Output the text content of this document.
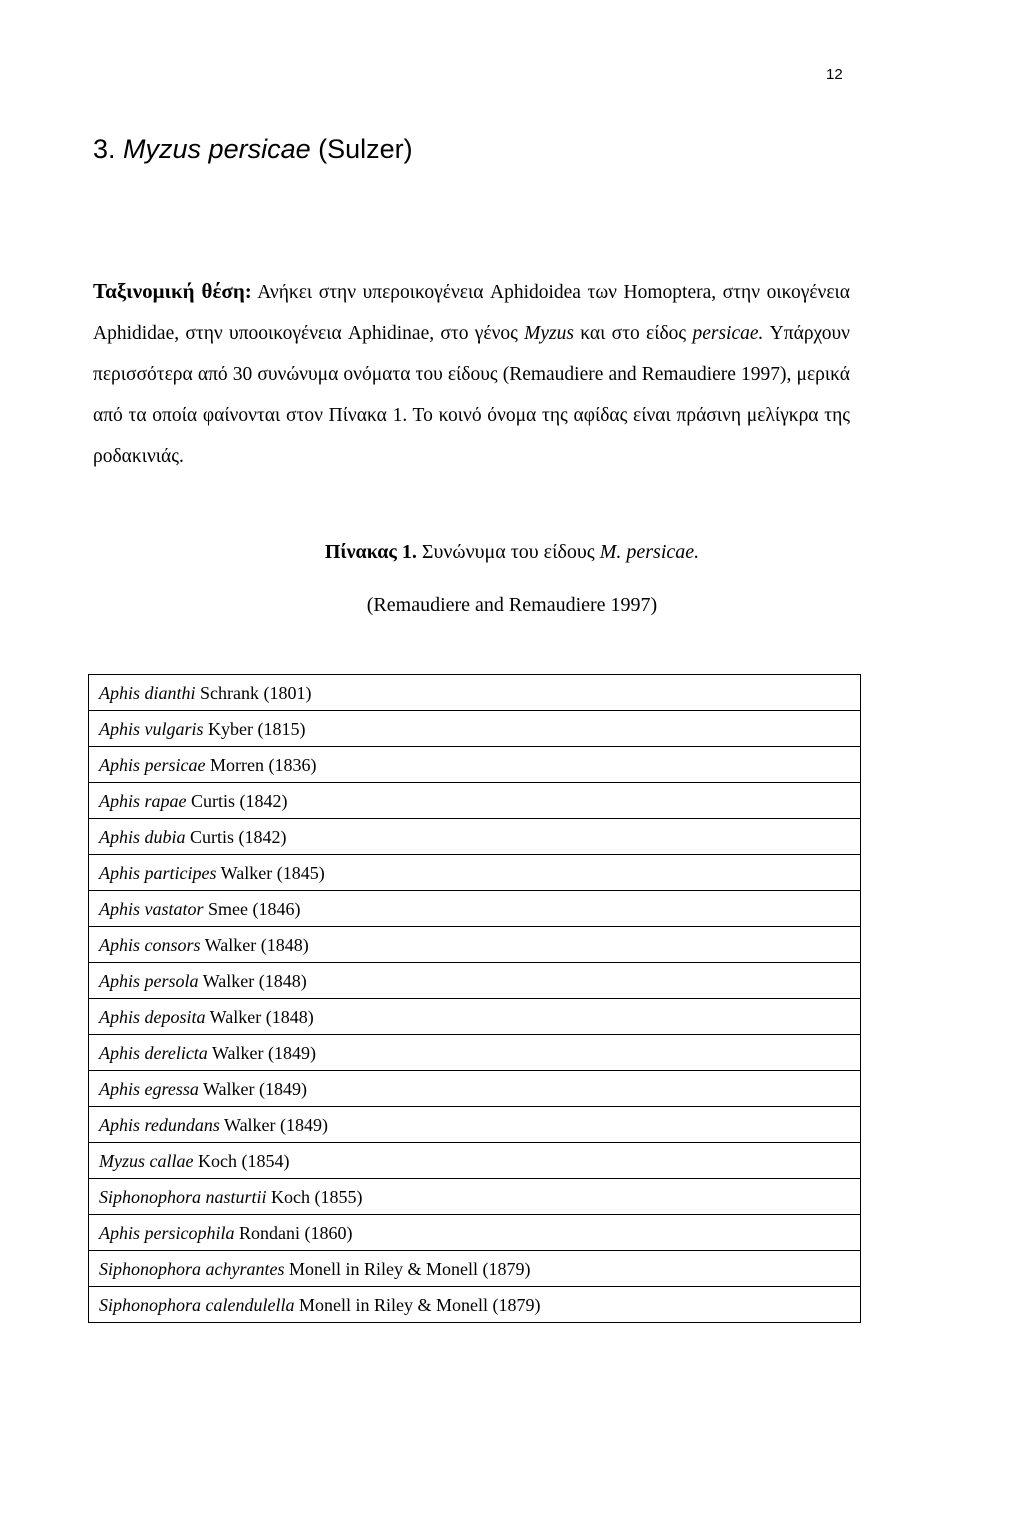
12
3. Myzus persicae (Sulzer)

Ταξινομική θέση: Ανήκει στην υπεροικογένεια Aphidoidea των Homoptera, στην οικογένεια Aphididae, στην υποοικογένεια Aphidinae, στο γένος Myzus και στο είδος persicae. Υπάρχουν περισσότερα από 30 συνώνυμα ονόματα του είδους (Remaudiere and Remaudiere 1997), μερικά από τα οποία φαίνονται στον Πίνακα 1. Το κοινό όνομα της αφίδας είναι πράσινη μελίγκρα της ροδακινιάς.

Πίνακας 1. Συνώνυμα του είδους M. persicae.

(Remaudiere and Remaudiere 1997)

Aphis dianthi Schrank (1801)
Aphis vulgaris Kyber (1815)
Aphis persicae Morren (1836)
Aphis rapae Curtis (1842)
Aphis dubia Curtis (1842)
Aphis participes Walker (1845)
Aphis vastator Smee (1846)
Aphis consors Walker (1848)
Aphis persola Walker (1848)
Aphis deposita Walker (1848)
Aphis derelicta Walker (1849)
Aphis egressa Walker (1849)
Aphis redundans Walker (1849)
Myzus callae Koch (1854)
Siphonophora nasturtii Koch (1855)
Aphis persicophila Rondani (1860)
Siphonophora achyrantes Monell in Riley & Monell (1879)
Siphonophora calendulella Monell in Riley & Monell (1879)
